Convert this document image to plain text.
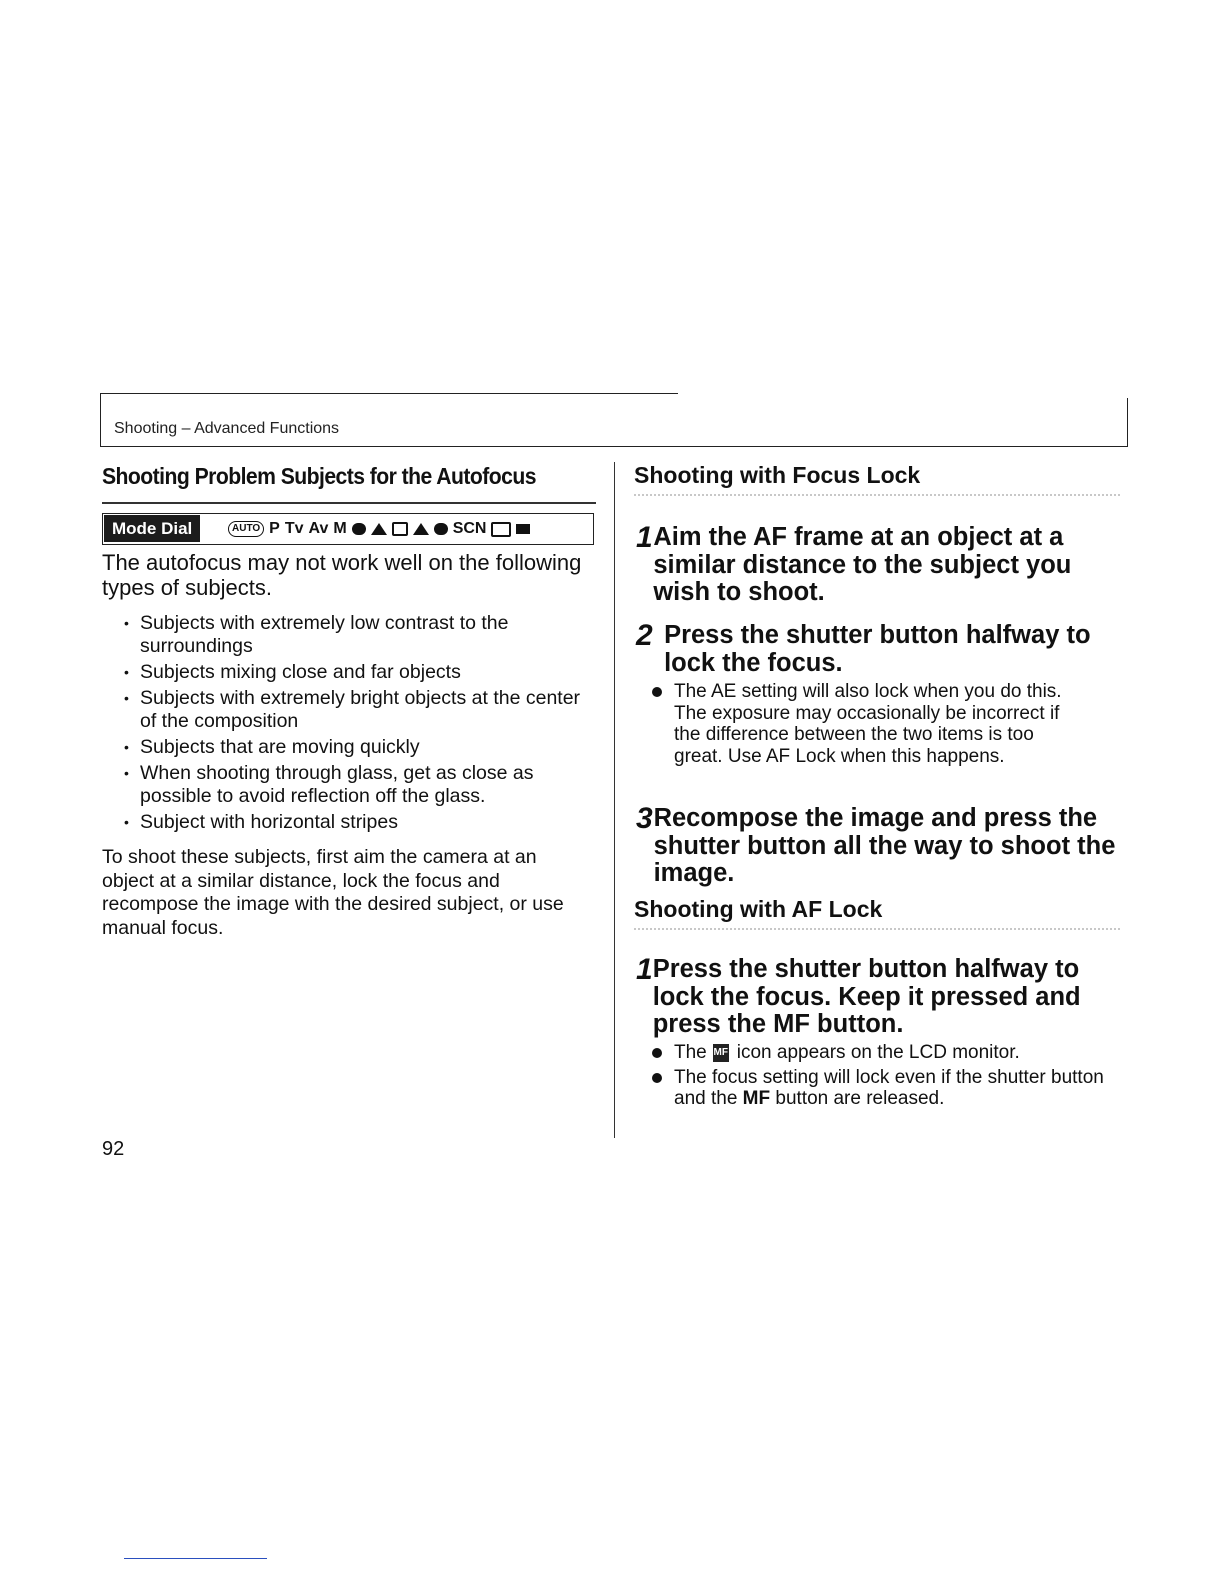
Shooting – Advanced Functions
Shooting Problem Subjects for the Autofocus
Mode Dial	AUTO P Tv Av M	SCN
The autofocus may not work well on the following types of subjects.
• Subjects with extremely low contrast to the surroundings
• Subjects mixing close and far objects
• Subjects with extremely bright objects at the center of the composition
• Subjects that are moving quickly
• When shooting through glass, get as close as possible to avoid reflection off the glass.
• Subject with horizontal stripes
To shoot these subjects, first aim the camera at an object at a similar distance, lock the focus and recompose the image with the desired subject, or use manual focus.
Shooting with Focus Lock
1 Aim the AF frame at an object at a similar distance to the subject you wish to shoot.
2 Press the shutter button halfway to lock the focus.
The AE setting will also lock when you do this. The exposure may occasionally be incorrect if the difference between the two items is too great. Use AF Lock when this happens.
3 Recompose the image and press the shutter button all the way to shoot the image.
Shooting with AF Lock
1 Press the shutter button halfway to lock the focus. Keep it pressed and press the MF button.
The MF icon appears on the LCD monitor.
The focus setting will lock even if the shutter button and the MF button are released.
92
